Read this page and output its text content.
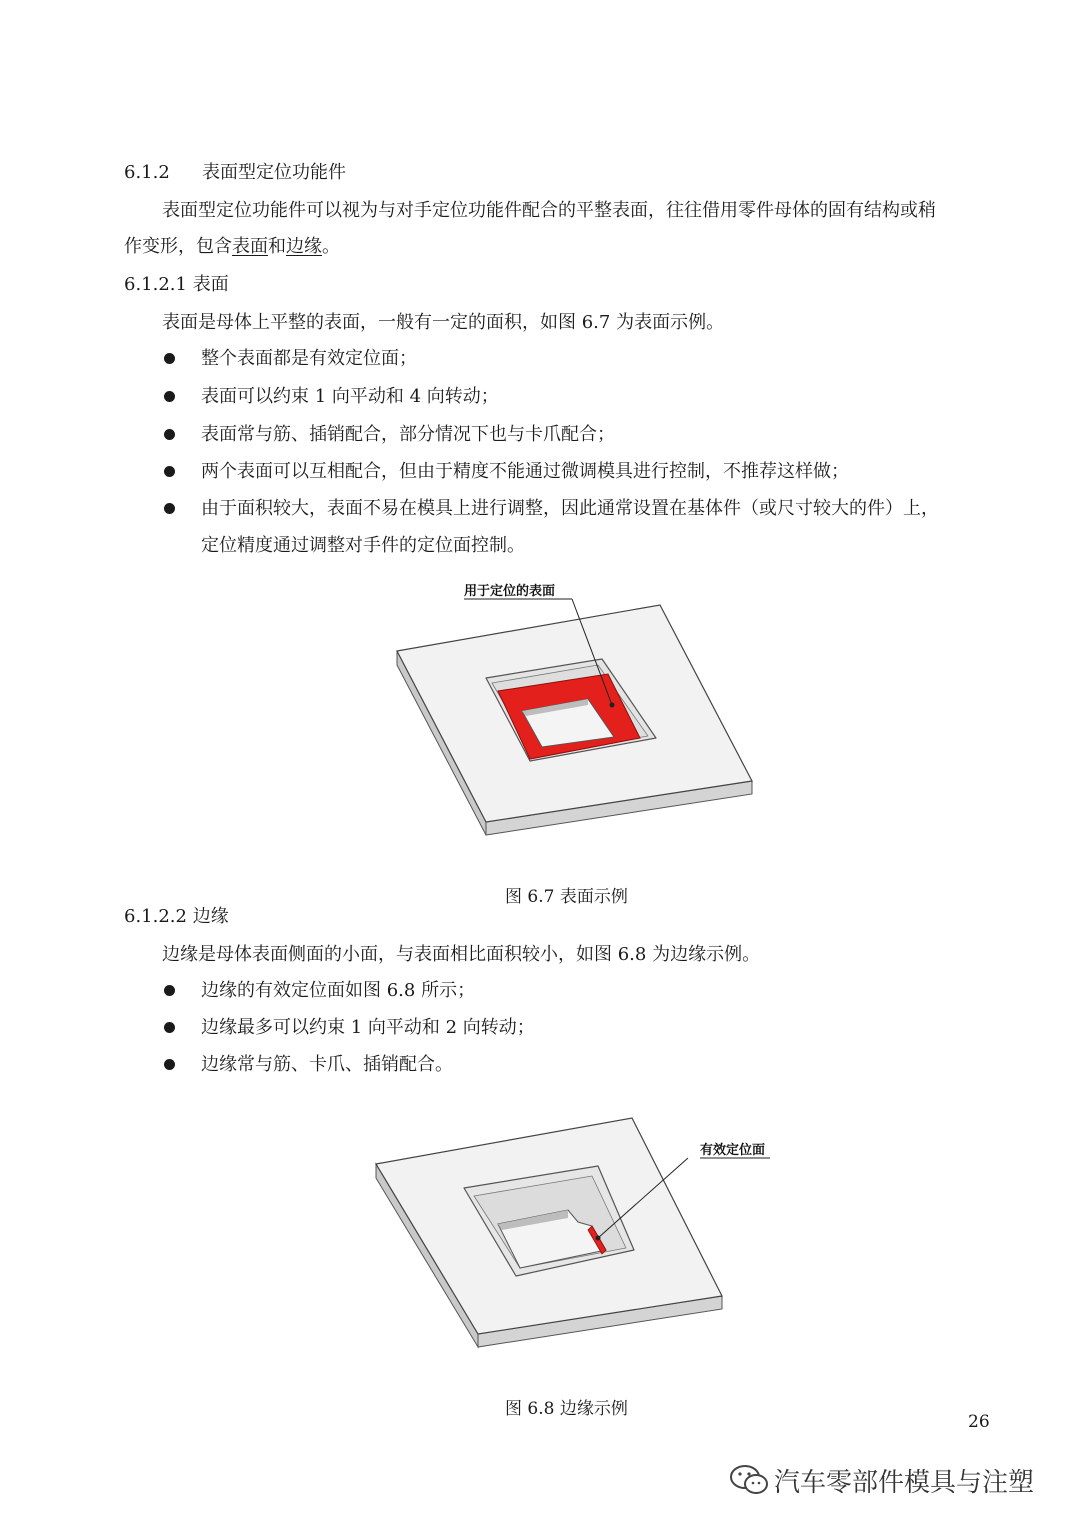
6.1.2 表面型定位功能件

表面型定位功能件可以视为与对手定位功能件配合的平整表面，往往借用零件母体的固有结构或稍

作变形，包含表面和边缘。

6.1.2.1 表面

表面是母体上平整的表面，一般有一定的面积，如图 6.7 为表面示例。

整个表面都是有效定位面；

表面可以约束 1 向平动和 4 向转动；

表面常与筋、插销配合，部分情况下也与卡爪配合；

两个表面可以互相配合，但由于精度不能通过微调模具进行控制，不推荐这样做；

由于面积较大，表面不易在模具上进行调整，因此通常设置在基体件（或尺寸较大的件）上，

定位精度通过调整对手件的定位面控制。

用于定位的表面

图 6.7 表面示例

6.1.2.2 边缘

边缘是母体表面侧面的小面，与表面相比面积较小，如图 6.8 为边缘示例。

边缘的有效定位面如图 6.8 所示；

边缘最多可以约束 1 向平动和 2 向转动；

边缘常与筋、卡爪、插销配合。

有效定位面

图 6.8 边缘示例

26

汽车零部件模具与注塑
